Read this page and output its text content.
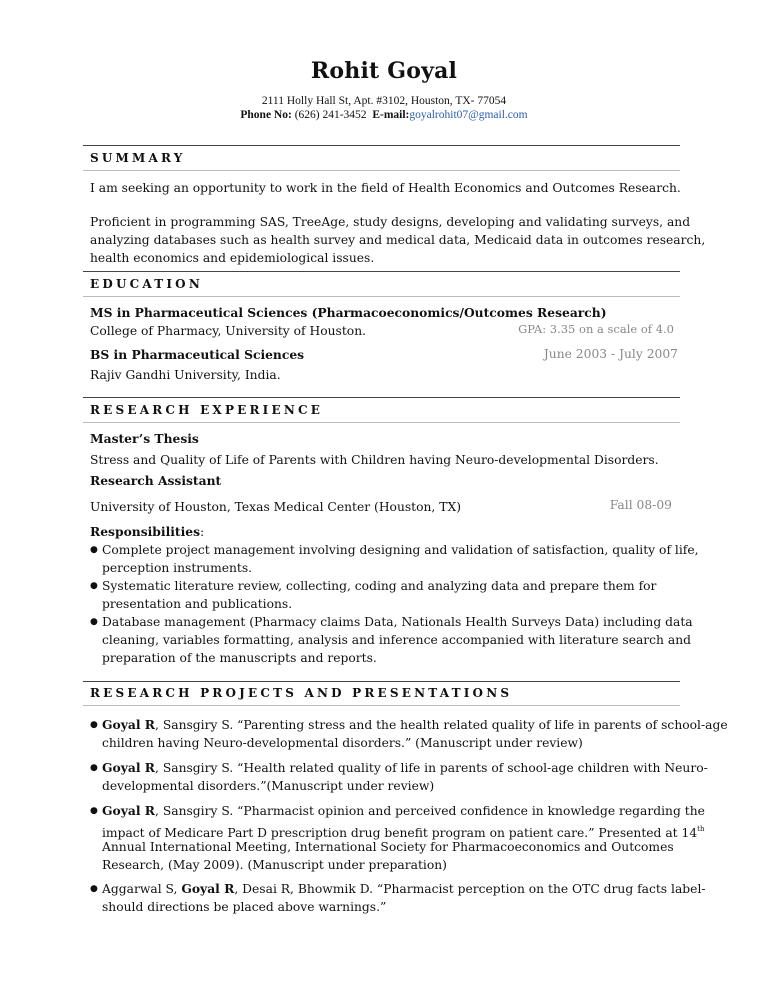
Rohit Goyal
2111 Holly Hall St, Apt. #3102, Houston, TX- 77054
Phone No: (626) 241-3452 E-mail:goyalrohit07@gmail.com
SUMMARY
I am seeking an opportunity to work in the field of Health Economics and Outcomes Research.
Proficient in programming SAS, TreeAge, study designs, developing and validating surveys, and
analyzing databases such as health survey and medical data, Medicaid data in outcomes research,
health economics and epidemiological issues.
EDUCATION
MS in Pharmaceutical Sciences (Pharmacoeconomics/Outcomes Research)
College of Pharmacy, University of Houston.	GPA: 3.35 on a scale of 4.0
BS in Pharmaceutical Sciences	June 2003 - July 2007
Rajiv Gandhi University, India.
RESEARCH EXPERIENCE
Master’s Thesis
Stress and Quality of Life of Parents with Children having Neuro-developmental Disorders.
Research Assistant
University of Houston, Texas Medical Center (Houston, TX)	Fall 08-09
Responsibilities:
● Complete project management involving designing and validation of satisfaction, quality of life,
perception instruments.
● Systematic literature review, collecting, coding and analyzing data and prepare them for
presentation and publications.
● Database management (Pharmacy claims Data, Nationals Health Surveys Data) including data
cleaning, variables formatting, analysis and inference accompanied with literature search and
preparation of the manuscripts and reports.
RESEARCH PROJECTS AND PRESENTATIONS
● Goyal R, Sansgiry S. “Parenting stress and the health related quality of life in parents of school-age
children having Neuro-developmental disorders.” (Manuscript under review)
● Goyal R, Sansgiry S. “Health related quality of life in parents of school-age children with Neuro-
developmental disorders.”(Manuscript under review)
● Goyal R, Sansgiry S. “Pharmacist opinion and perceived confidence in knowledge regarding the
impact of Medicare Part D prescription drug benefit program on patient care.” Presented at 14th
Annual International Meeting, International Society for Pharmacoeconomics and Outcomes
Research, (May 2009). (Manuscript under preparation)
● Aggarwal S, Goyal R, Desai R, Bhowmik D. “Pharmacist perception on the OTC drug facts label-
should directions be placed above warnings.”
